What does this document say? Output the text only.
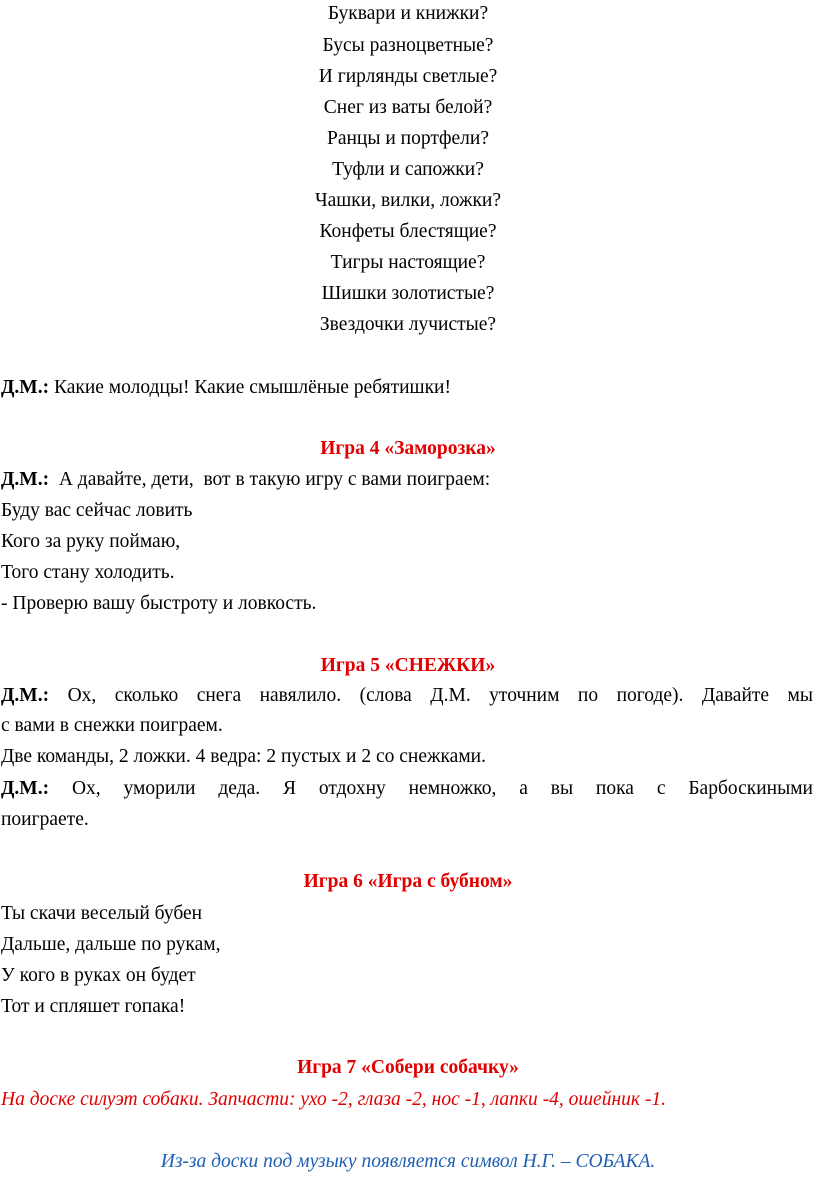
Буквари и книжки?
Бусы разноцветные?
И гирлянды светлые?
Снег из ваты белой?
Ранцы и портфели?
Туфли и сапожки?
Чашки, вилки, ложки?
Конфеты блестящие?
Тигры настоящие?
Шишки золотистые?
Звездочки лучистые?
Д.М.: Какие молодцы! Какие смышлёные ребятишки!
Игра 4 «Заморозка»
Д.М.: А давайте, дети,  вот в такую игру с вами поиграем:
Буду вас сейчас ловить
Кого за руку поймаю,
Того стану холодить.
- Проверю вашу быстроту и ловкость.
Игра 5 «СНЕЖКИ»
Д.М.: Ох, сколько снега навялило. (слова Д.М. уточним по погоде). Давайте мы
с вами в снежки поиграем.
Две команды, 2 ложки. 4 ведра: 2 пустых и 2 со снежками.
Д.М.: Ох, уморили деда. Я отдохну немножко, а вы пока с Барбоскиными
поиграете.
Игра 6 «Игра с бубном»
Ты скачи веселый бубен
Дальше, дальше по рукам,
У кого в руках он будет
Тот и спляшет гопака!
Игра 7 «Собери собачку»
На доске силуэт собаки. Запчасти: ухо -2, глаза -2, нос -1, лапки -4, ошейник -1.
Из-за доски под музыку появляется символ Н.Г. – СОБАКА.
